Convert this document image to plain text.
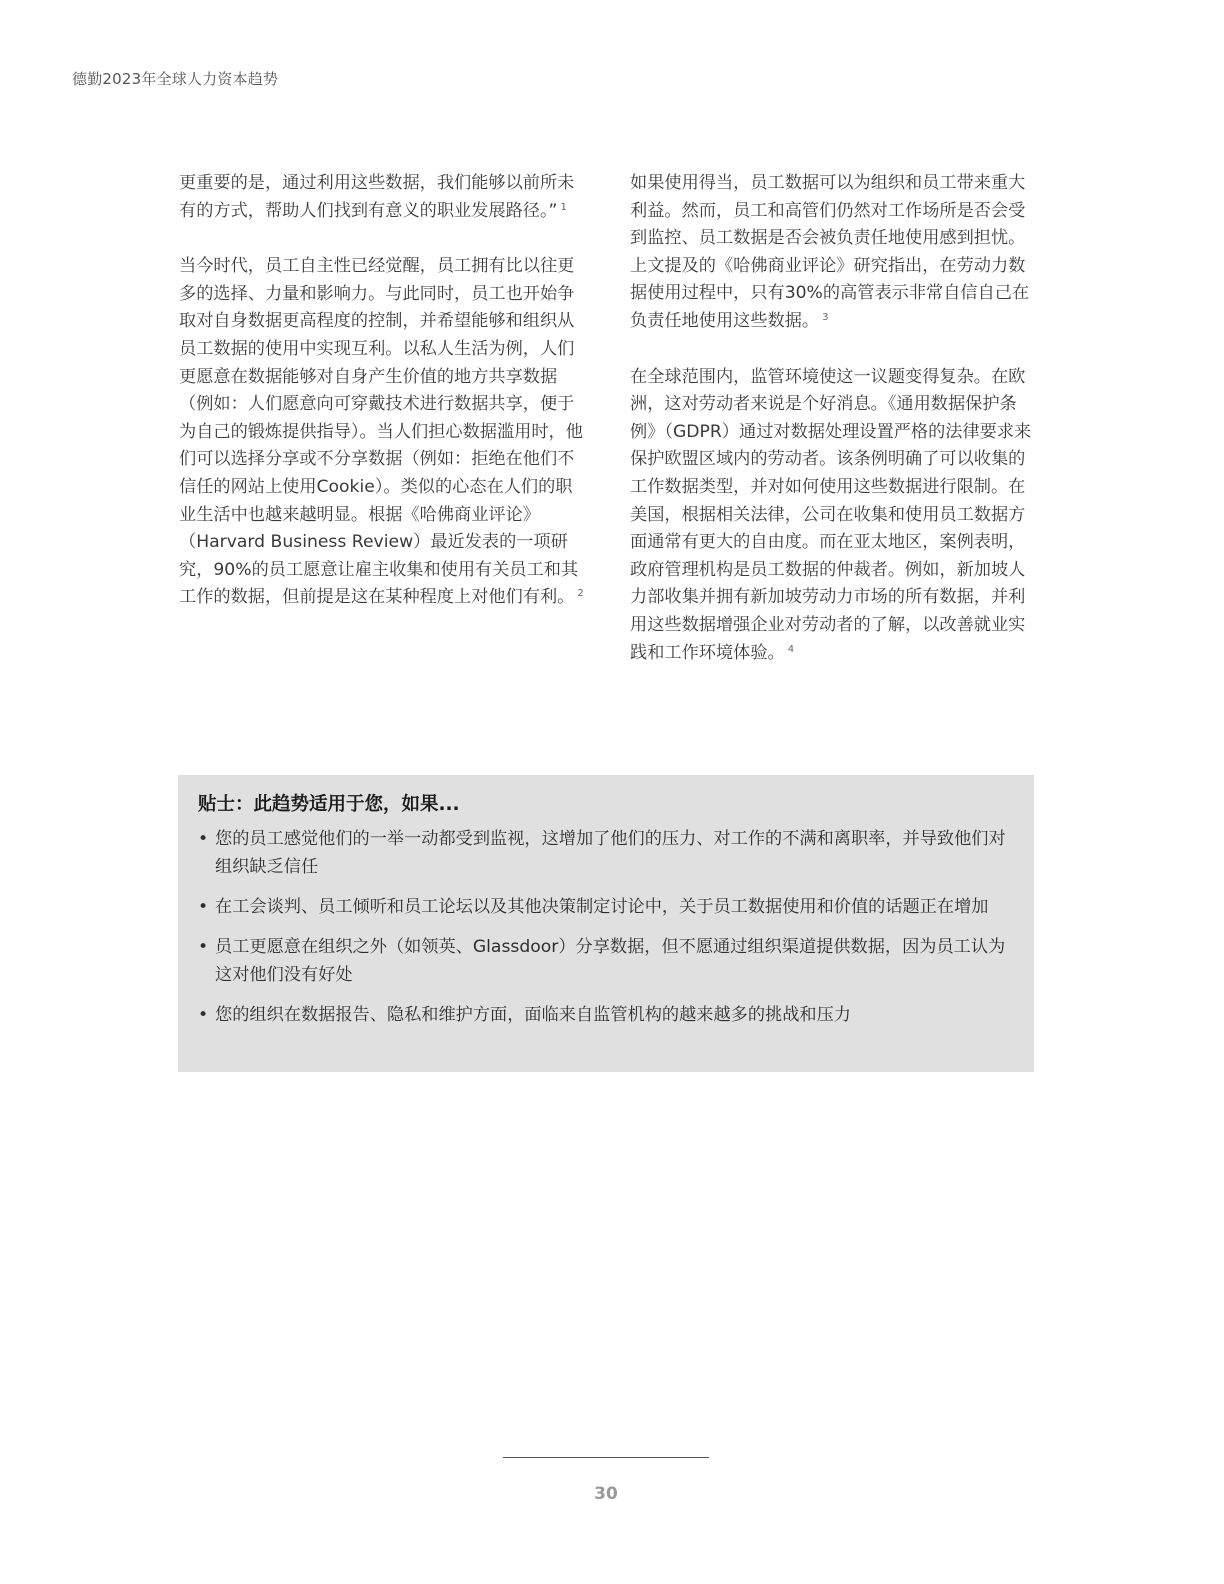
德勤2023年全球人力资本趋势

更重要的是，通过利用这些数据，我们能够以前所未有的方式，帮助人们找到有意义的职业发展路径。” $^1$

当今时代，员工自主性已经觉醒，员工拥有比以往更多的选择、力量和影响力。与此同时，员工也开始争取对自身数据更高程度的控制，并希望能够和组织从员工数据的使用中实现互利。以私人生活为例，人们更愿意在数据能够对自身产生价值的地方共享数据（例如：人们愿意向可穿戴技术进行数据共享，便于为自己的锻炼提供指导）。当人们担心数据滥用时，他们可以选择分享或不分享数据（例如：拒绝在他们不信任的网站上使用Cookie）。类似的心态在人们的职业生活中也越来越明显。根据《哈佛商业评论》（Harvard Business Review）最近发表的一项研究，90%的员工愿意让雇主收集和使用有关员工和其工作的数据，但前提是这在某种程度上对他们有利。 $^2$

如果使用得当，员工数据可以为组织和员工带来重大利益。然而，员工和高管们仍然对工作场所是否会受到监控、员工数据是否会被负责任地使用感到担忧。上文提及的《哈佛商业评论》研究指出，在劳动力数据使用过程中，只有30%的高管表示非常自信自己在负责任地使用这些数据。 $^3$

在全球范围内，监管环境使这一议题变得复杂。在欧洲，这对劳动者来说是个好消息。《通用数据保护条例》（GDPR）通过对数据处理设置严格的法律要求来保护欧盟区域内的劳动者。该条例明确了可以收集的工作数据类型，并对如何使用这些数据进行限制。在美国，根据相关法律，公司在收集和使用员工数据方面通常有更大的自由度。而在亚太地区，案例表明，政府管理机构是员工数据的仲裁者。例如，新加坡人力部收集并拥有新加坡劳动力市场的所有数据，并利用这些数据增强企业对劳动者的了解，以改善就业实践和工作环境体验。 $^4$

贴士：此趋势适用于您，如果...
• 您的员工感觉他们的一举一动都受到监视，这增加了他们的压力、对工作的不满和离职率，并导致他们对组织缺乏信任
• 在工会谈判、员工倾听和员工论坛以及其他决策制定讨论中，关于员工数据使用和价值的话题正在增加
• 员工更愿意在组织之外（如领英、Glassdoor）分享数据，但不愿通过组织渠道提供数据，因为员工认为这对他们没有好处
• 您的组织在数据报告、隐私和维护方面，面临来自监管机构的越来越多的挑战和压力
30
